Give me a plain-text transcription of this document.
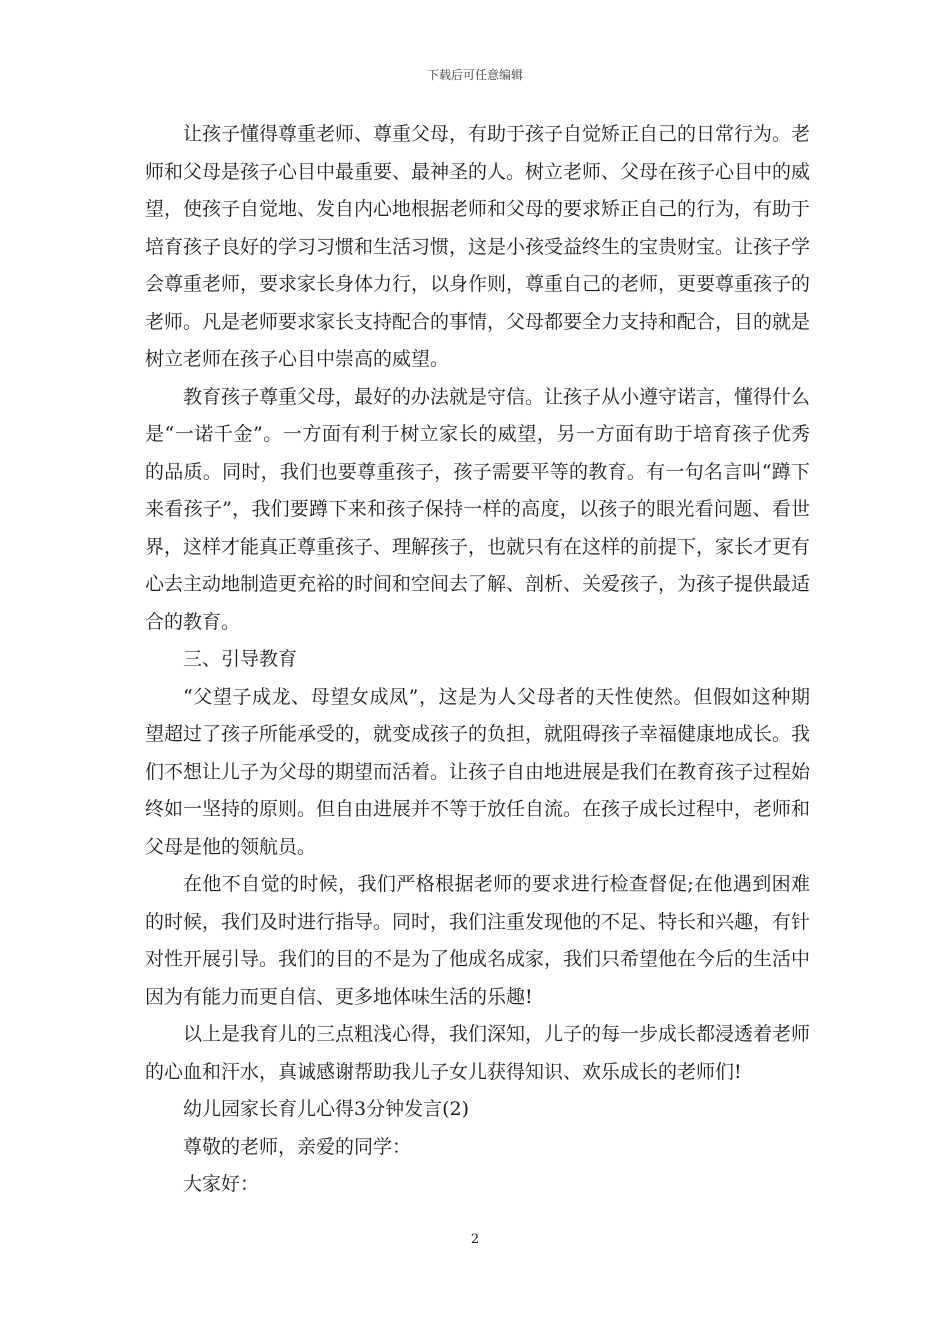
下载后可任意编辑

让孩子懂得尊重老师、尊重父母，有助于孩子自觉矫正自己的日常行为。老师和父母是孩子心目中最重要、最神圣的人。树立老师、父母在孩子心目中的威望，使孩子自觉地、发自内心地根据老师和父母的要求矫正自己的行为，有助于培育孩子良好的学习习惯和生活习惯，这是小孩受益终生的宝贵财宝。让孩子学会尊重老师，要求家长身体力行，以身作则，尊重自己的老师，更要尊重孩子的老师。凡是老师要求家长支持配合的事情，父母都要全力支持和配合，目的就是树立老师在孩子心目中崇高的威望。

教育孩子尊重父母，最好的办法就是守信。让孩子从小遵守诺言，懂得什么是“一诺千金”。一方面有利于树立家长的威望，另一方面有助于培育孩子优秀的品质。同时，我们也要尊重孩子，孩子需要平等的教育。有一句名言叫“蹲下来看孩子”，我们要蹲下来和孩子保持一样的高度，以孩子的眼光看问题、看世界，这样才能真正尊重孩子、理解孩子，也就只有在这样的前提下，家长才更有心去主动地制造更充裕的时间和空间去了解、剖析、关爱孩子，为孩子提供最适合的教育。

三、引导教育

“父望子成龙、母望女成凤”，这是为人父母者的天性使然。但假如这种期望超过了孩子所能承受的，就变成孩子的负担，就阻碍孩子幸福健康地成长。我们不想让儿子为父母的期望而活着。让孩子自由地进展是我们在教育孩子过程始终如一坚持的原则。但自由进展并不等于放任自流。在孩子成长过程中，老师和父母是他的领航员。

在他不自觉的时候，我们严格根据老师的要求进行检查督促;在他遇到困难的时候，我们及时进行指导。同时，我们注重发现他的不足、特长和兴趣，有针对性开展引导。我们的目的不是为了他成名成家，我们只希望他在今后的生活中因为有能力而更自信、更多地体味生活的乐趣!

以上是我育儿的三点粗浅心得，我们深知，儿子的每一步成长都浸透着老师的心血和汗水，真诚感谢帮助我儿子女儿获得知识、欢乐成长的老师们!

幼儿园家长育儿心得3分钟发言(2)

尊敬的老师，亲爱的同学：

大家好：

2
